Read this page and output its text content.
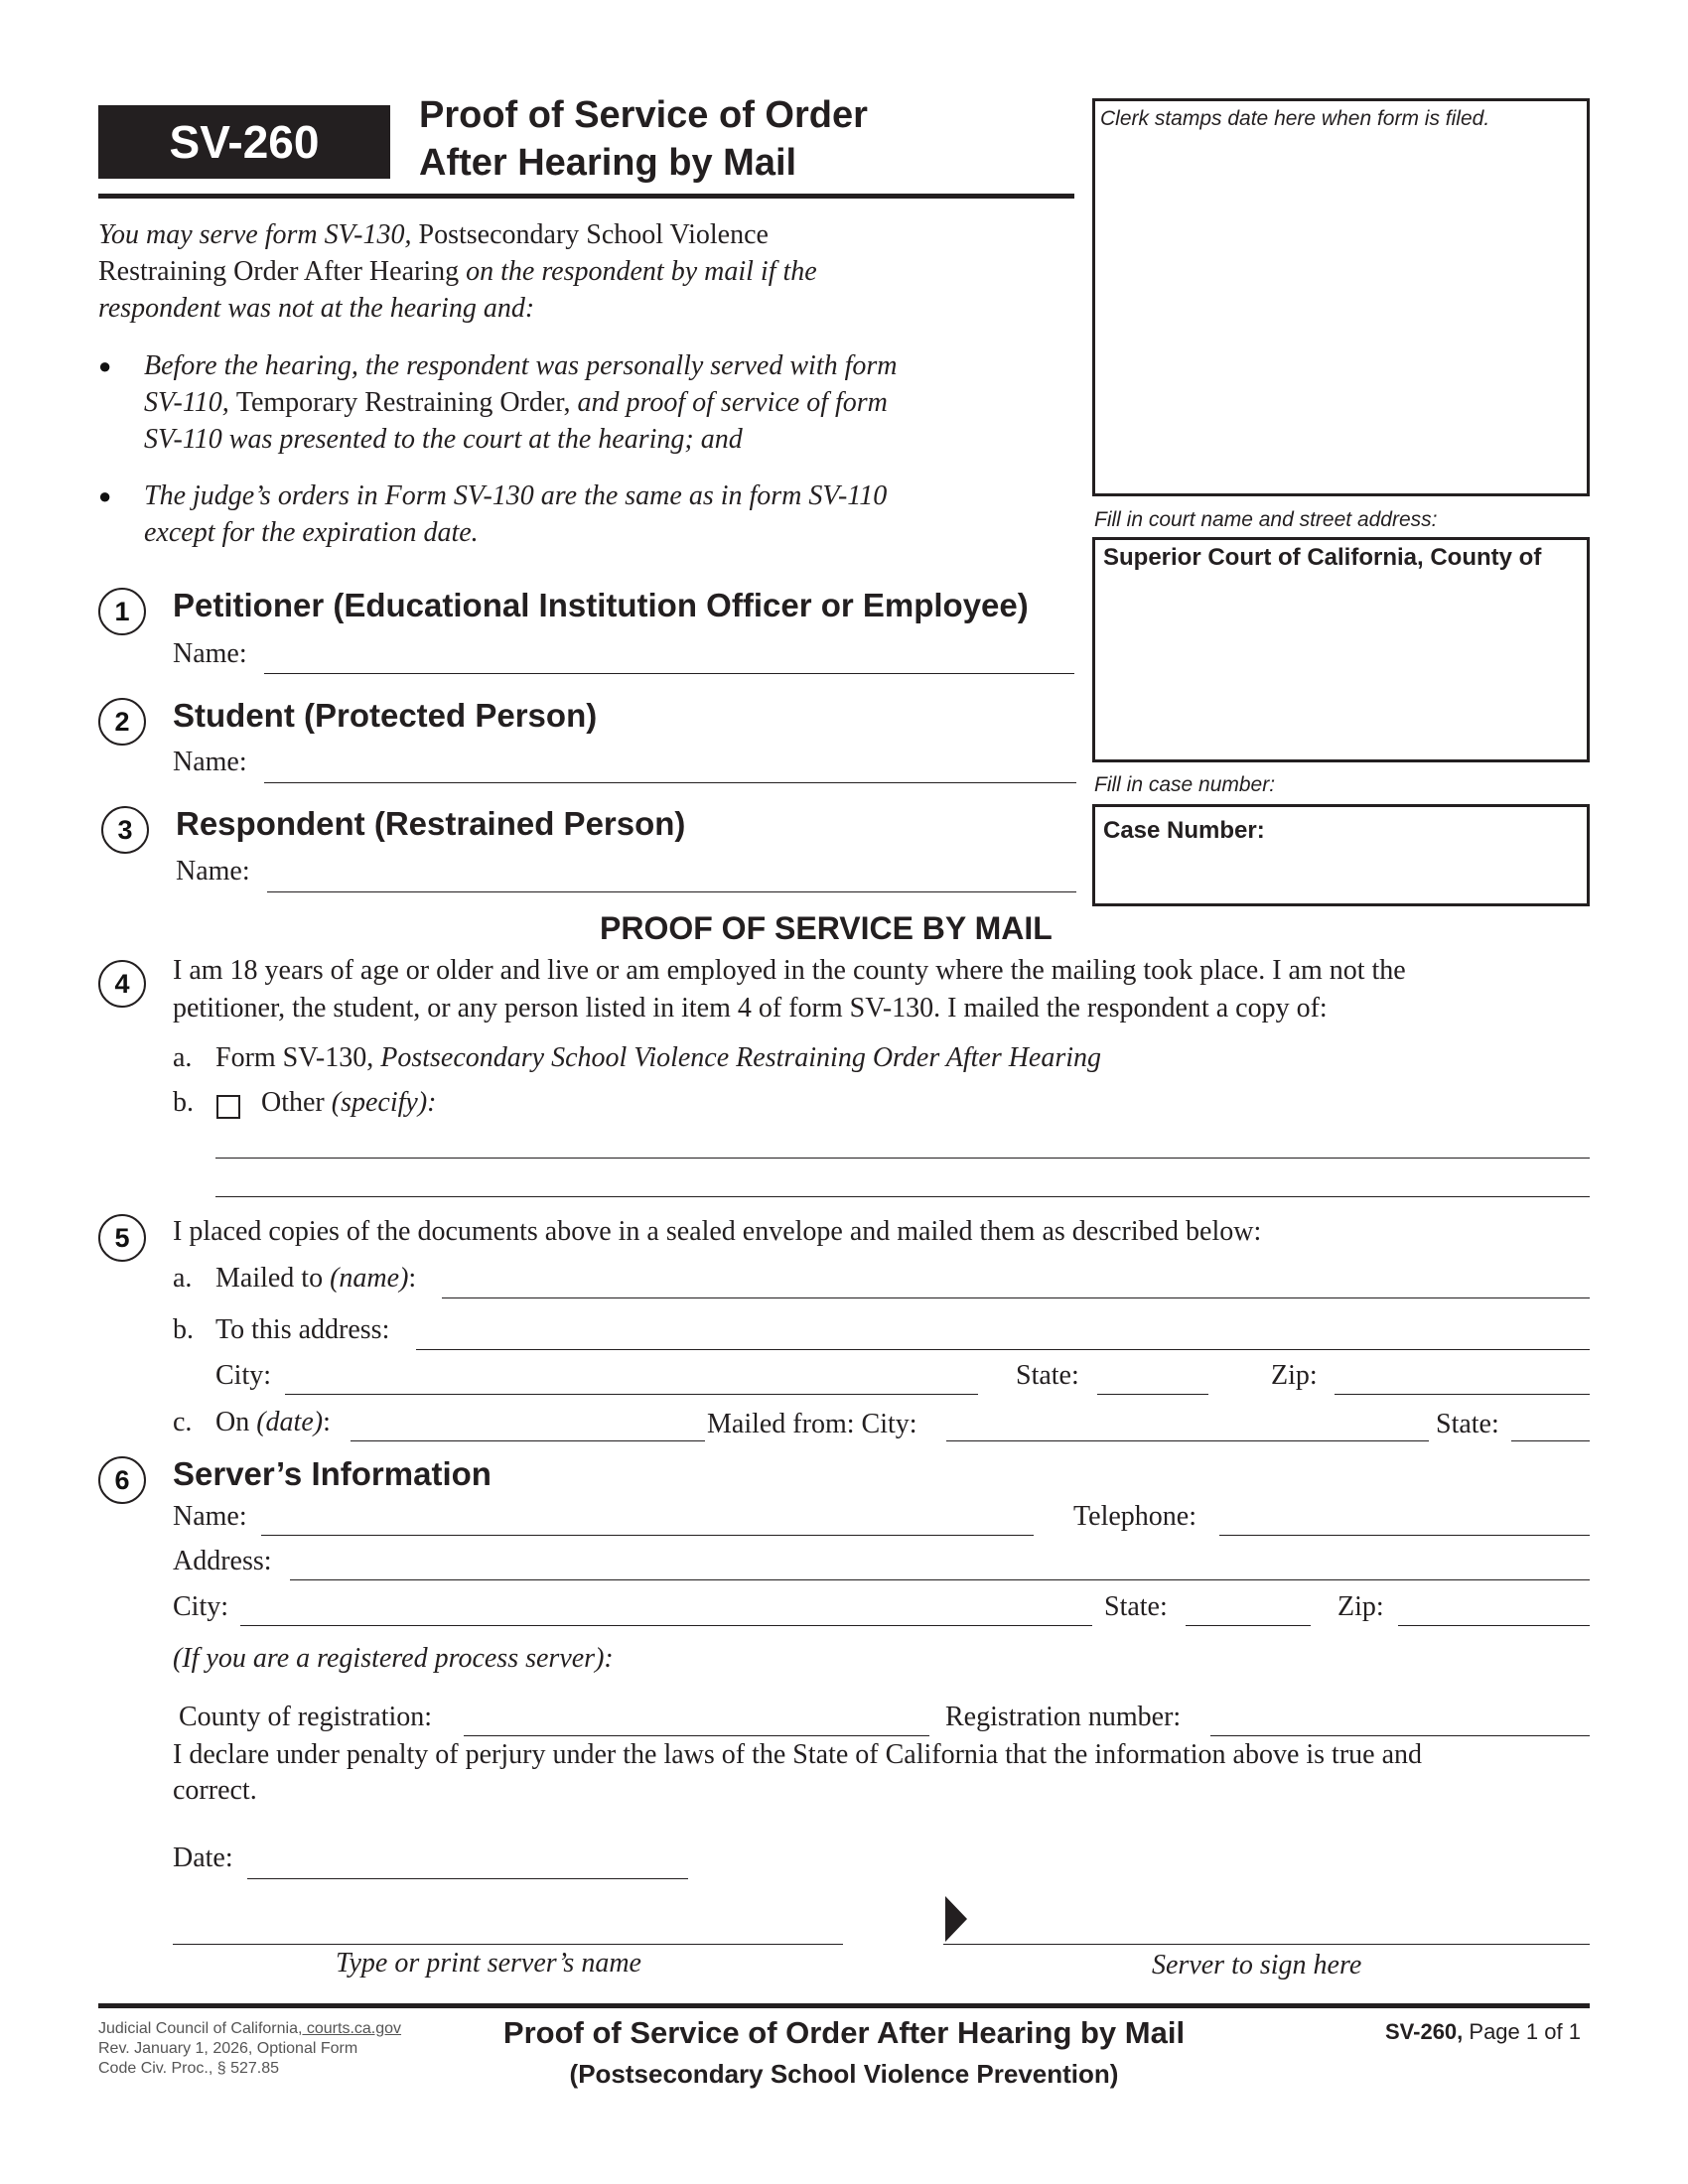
SV-260
Proof of Service of Order
After Hearing by Mail
Clerk stamps date here when form is filed.
Fill in court name and street address:
Superior Court of California, County of
Fill in case number:
Case Number:
You may serve form SV-130, Postsecondary School Violence
Restraining Order After Hearing on the respondent by mail if the
respondent was not at the hearing and:
● Before the hearing, the respondent was personally served with form
SV-110, Temporary Restraining Order, and proof of service of form
SV-110 was presented to the court at the hearing; and
● The judge’s orders in Form SV-130 are the same as in form SV-110
except for the expiration date.
1	Petitioner (Educational Institution Officer or Employee)
Name:
2	Student (Protected Person)
Name:
3	Respondent (Restrained Person)
Name:
PROOF OF SERVICE BY MAIL
4	I am 18 years of age or older and live or am employed in the county where the mailing took place. I am not the
petitioner, the student, or any person listed in item 4 of form SV-130. I mailed the respondent a copy of:
a. Form SV-130, Postsecondary School Violence Restraining Order After Hearing
b. Other (specify):
5	I placed copies of the documents above in a sealed envelope and mailed them as described below:
a. Mailed to (name):
b. To this address:
City:	State:	Zip:
c. On (date):	Mailed from: City:	State:
6	Server’s Information
Name:	Telephone:
Address:
City:	State:	Zip:
(If you are a registered process server):
County of registration:	Registration number:
I declare under penalty of perjury under the laws of the State of California that the information above is true and
correct.
Date:
Type or print server’s name	Server to sign here
Judicial Council of California, courts.ca.gov
Rev. January 1, 2026, Optional Form
Code Civ. Proc., § 527.85
Proof of Service of Order After Hearing by Mail
(Postsecondary School Violence Prevention)
SV-260, Page 1 of 1
